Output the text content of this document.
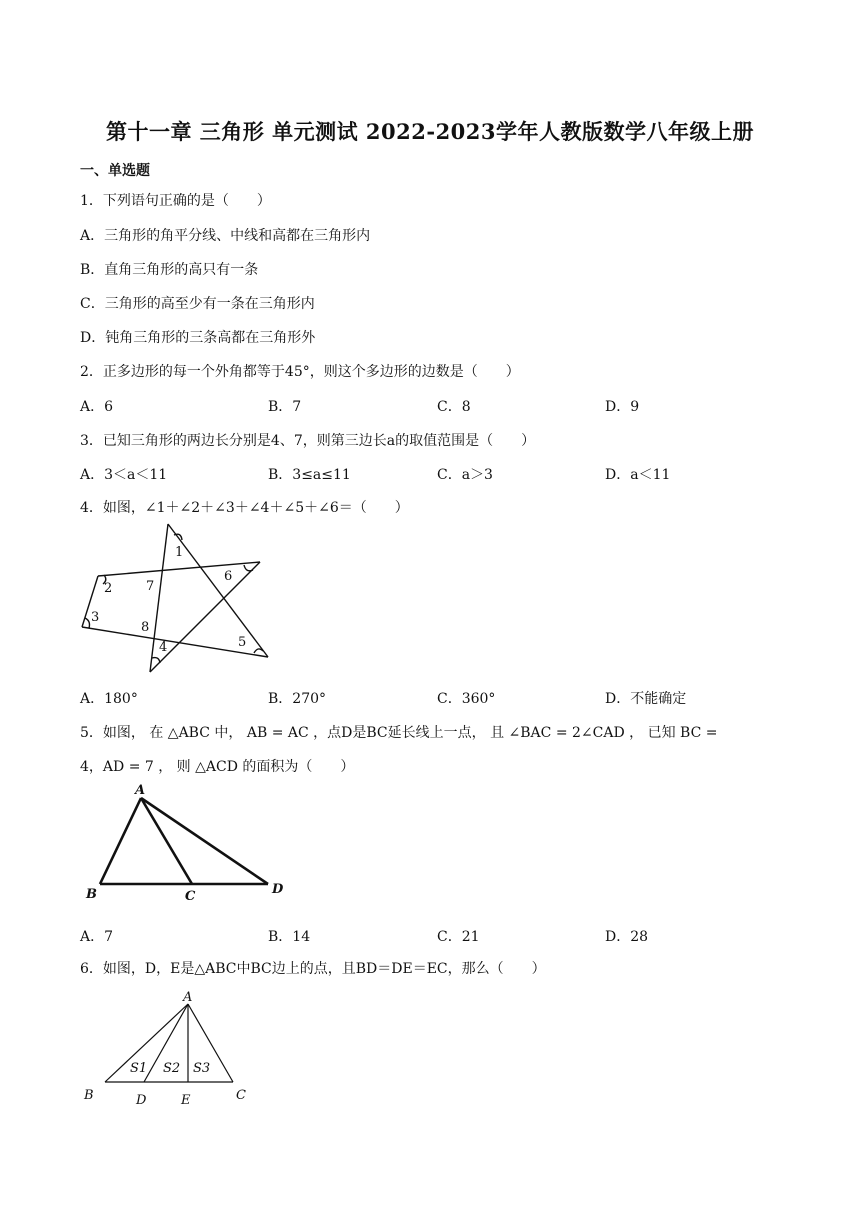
第十一章 三角形 单元测试 2022-2023学年人教版数学八年级上册
一、单选题
1．下列语句正确的是（　　）
A．三角形的角平分线、中线和高都在三角形内
B．直角三角形的高只有一条
C．三角形的高至少有一条在三角形内
D．钝角三角形的三条高都在三角形外
2．正多边形的每一个外角都等于45°，则这个多边形的边数是（　　）
A．6	B．7	C．8	D．9
3．已知三角形的两边长分别是4、7，则第三边长a的取值范围是（　　）
A．3＜a＜11	B．3≤a≤11	C．a＞3	D．a＜11
4．如图，∠1＋∠2＋∠3＋∠4＋∠5＋∠6＝（　　）
1
2
3
4	5
6
7
8
A．180°	B．270°	C．360°	D．不能确定
5．如图， 在 △ABC 中， AB = AC ，点D是BC延长线上一点， 且 ∠BAC = 2∠CAD ， 已知 BC =
4，AD = 7 ， 则 △ACD 的面积为（　　）
A
B	C	D
A．7	B．14	C．21	D．28
6．如图，D，E是△ABC中BC边上的点，且BD＝DE＝EC，那么（　　）
A
B	C
D	E
S1 S2 S3
